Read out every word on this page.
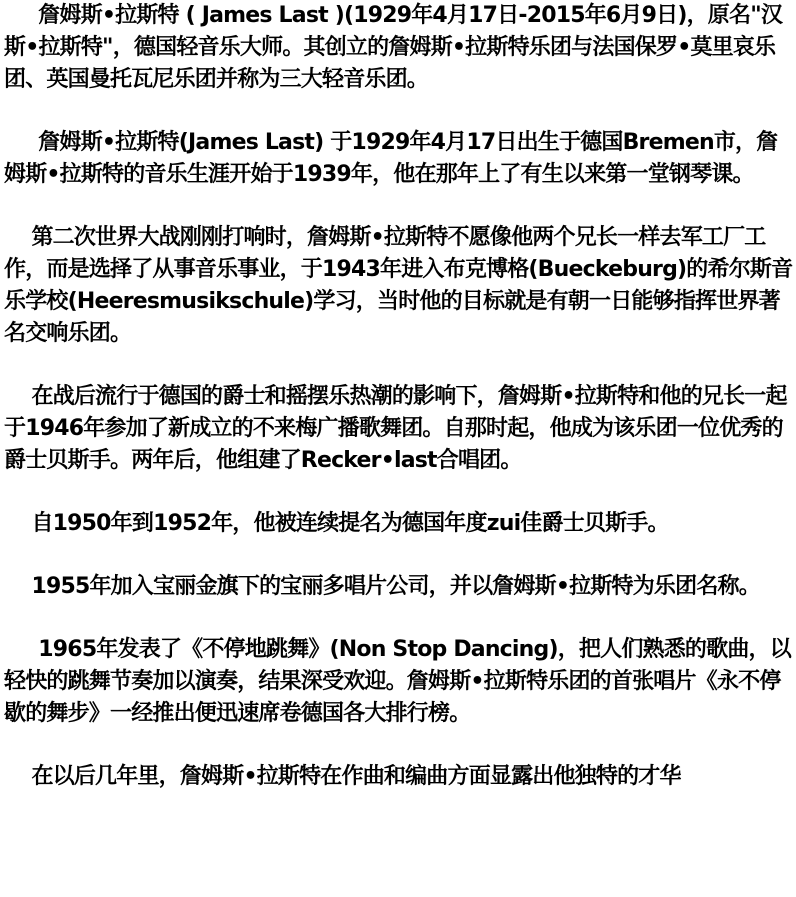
詹姆斯•拉斯特 ( James Last )(1929年4月17日-2015年6月9日)，原名"汉斯•拉斯特"，德国轻音乐大师。其创立的詹姆斯•拉斯特乐团与法国保罗•莫里哀乐团、英国曼托瓦尼乐团并称为三大轻音乐团。

詹姆斯•拉斯特(James Last) 于1929年4月17日出生于德国Bremen市，詹姆斯•拉斯特的音乐生涯开始于1939年，他在那年上了有生以来第一堂钢琴课。

第二次世界大战刚刚打响时，詹姆斯•拉斯特不愿像他两个兄长一样去军工厂工作，而是选择了从事音乐事业，于1943年进入布克博格(Bueckeburg)的希尔斯音乐学校(Heeresmusikschule)学习，当时他的目标就是有朝一日能够指挥世界著名交响乐团。

在战后流行于德国的爵士和摇摆乐热潮的影响下，詹姆斯•拉斯特和他的兄长一起于1946年参加了新成立的不来梅广播歌舞团。自那时起，他成为该乐团一位优秀的爵士贝斯手。两年后，他组建了Recker•last合唱团。

自1950年到1952年，他被连续提名为德国年度zui佳爵士贝斯手。

1955年加入宝丽金旗下的宝丽多唱片公司，并以詹姆斯•拉斯特为乐团名称。

1965年发表了《不停地跳舞》(Non Stop Dancing)，把人们熟悉的歌曲，以轻快的跳舞节奏加以演奏，结果深受欢迎。詹姆斯•拉斯特乐团的首张唱片《永不停歇的舞步》一经推出便迅速席卷德国各大排行榜。

在以后几年里，詹姆斯•拉斯特在作曲和编曲方面显露出他独特的才华
